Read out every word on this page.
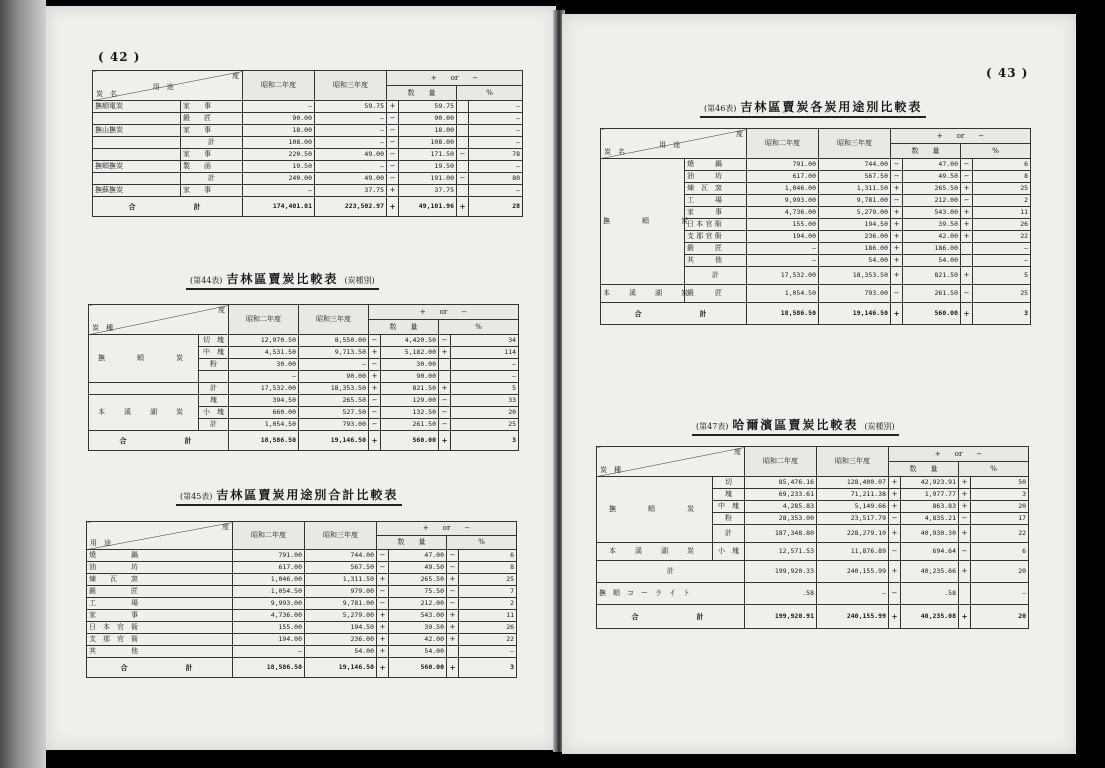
( 42 )
度
用　途
炭　名		昭和二年度	昭和三年度	+　　or　　−			
				数　　量		%	
撫順電炭	家　　事	—	59.75	+	59.75		—
	鍛　　匠	90.00	—	−	90.00		—
撫山撫炭	家　　事	18.00	—	−	18.00		—
	計	108.00	—	−	108.00		—
	家　　事	220.50	49.00	−	171.50	−	78
撫順撫炭	製　　函	19.50	—	−	19.50		—
	計	240.00	49.00	−	191.00	−	80
撫蘇撫炭	家　　事	—	37.75	+	37.75		—
合　　　　計		174,401.01	223,502.97	+	49,101.96	+	28
(第44表) 吉林區賣炭比較表 (炭種別)
度
炭　種		昭和二年度	昭和三年度	+　　or　　−			
				数　　量		%	
撫　　順　　炭	切　塊	12,970.50	8,550.00	−	4,420.50	−	34
	中　塊	4,531.50	9,713.50	+	5,182.00	+	114
	粉	30.00	—	−	30.00		—
		—	90.00	+	90.00		—
	計	17,532.00	18,353.50	+	821.50	+	5
本　溪　湖　炭	塊	394.50	265.50	−	129.00	−	33
	小　塊	660.00	527.50	−	132.50	−	20
	計	1,054.50	793.00	−	261.50	−	25
合　　　　計		18,586.50	19,146.50	+	560.00	+	3
(第45表) 吉林區賣炭用途別合計比較表
度
用　途	昭和二年度	昭和三年度	+　　or　　−			
			数　　量		%	
燒　　　　　鍋	791.00	744.00	−	47.00	−	6
油　　　　　坊	617.00	567.50	−	49.50	−	8
煉　　瓦　　窯	1,046.00	1,311.50	+	265.50	+	25
鍛　　　　　匠	1,054.50	979.00	−	75.50	−	7
工　　　　　場	9,993.00	9,781.00	−	212.00	−	2
家　　　　　事	4,736.00	5,279.00	+	543.00	+	11
日　本　官　衙	155.00	194.50	+	39.50	+	26
支　那　官　衙	194.00	236.00	+	42.00	+	22
其　　　　　他	—	54.00	+	54.00		—
合　　　　計	18,586.50	19,146.50	+	560.00	+	3
( 43 )
(第46表) 吉林區賣炭各炭用途別比較表
度
用　途
炭　名		昭和二年度	昭和三年度	+　　or　　−			
				数　　量		%	
撫　　順　　炭	燒　　　鍋	791.00	744.00	−	47.00	−	6
	油　　　坊	617.00	567.50	−	49.50	−	8
	煉　瓦　窯	1,046.00	1,311.50	+	265.50	+	25
	工　　　場	9,993.00	9,781.00	−	212.00	−	2
	家　　　事	4,736.00	5,279.00	+	543.00	+	11
	日 本 官 衙	155.00	194.50	+	39.50	+	26
	支 那 官 衙	194.00	236.00	+	42.00	+	22
	鍛　　　匠	—	186.00	+	186.00		—
	其　　　他	—	54.00	+	54.00		—
	計	17,532.00	18,353.50	+	821.50	+	5
本　溪　湖　炭	鍛　　　匠	1,054.50	793.00	−	261.50	−	25
合　　　　計		18,586.50	19,146.50	+	560.00	+	3
(第47表) 哈爾濱區賣炭比較表 (炭種別)
度
炭　種		昭和二年度	昭和三年度	+　　or　　−			
				数　　量		%	
撫　　順　　炭	切	85,476.16	128,400.07	+	42,923.91	+	50
	塊	69,233.61	71,211.38	+	1,977.77	+	3
	中　塊	4,285.83	5,149.66	+	863.83	+	20
	粉	28,353.00	23,517.79	−	4,835.21	−	17
	計	187,348.80	228,279.10	+	40,930.30	+	22
本　溪　湖　炭	小　塊	12,571.53	11,876.89	−	694.64	−	6
計		199,920.33	240,155.99	+	40,235.66	+	20
撫　順　コ　ー　ラ　イ　ト		.58	—	−	.58		—
合　　　　計		199,920.91	240,155.99	+	40,235.08	+	20
